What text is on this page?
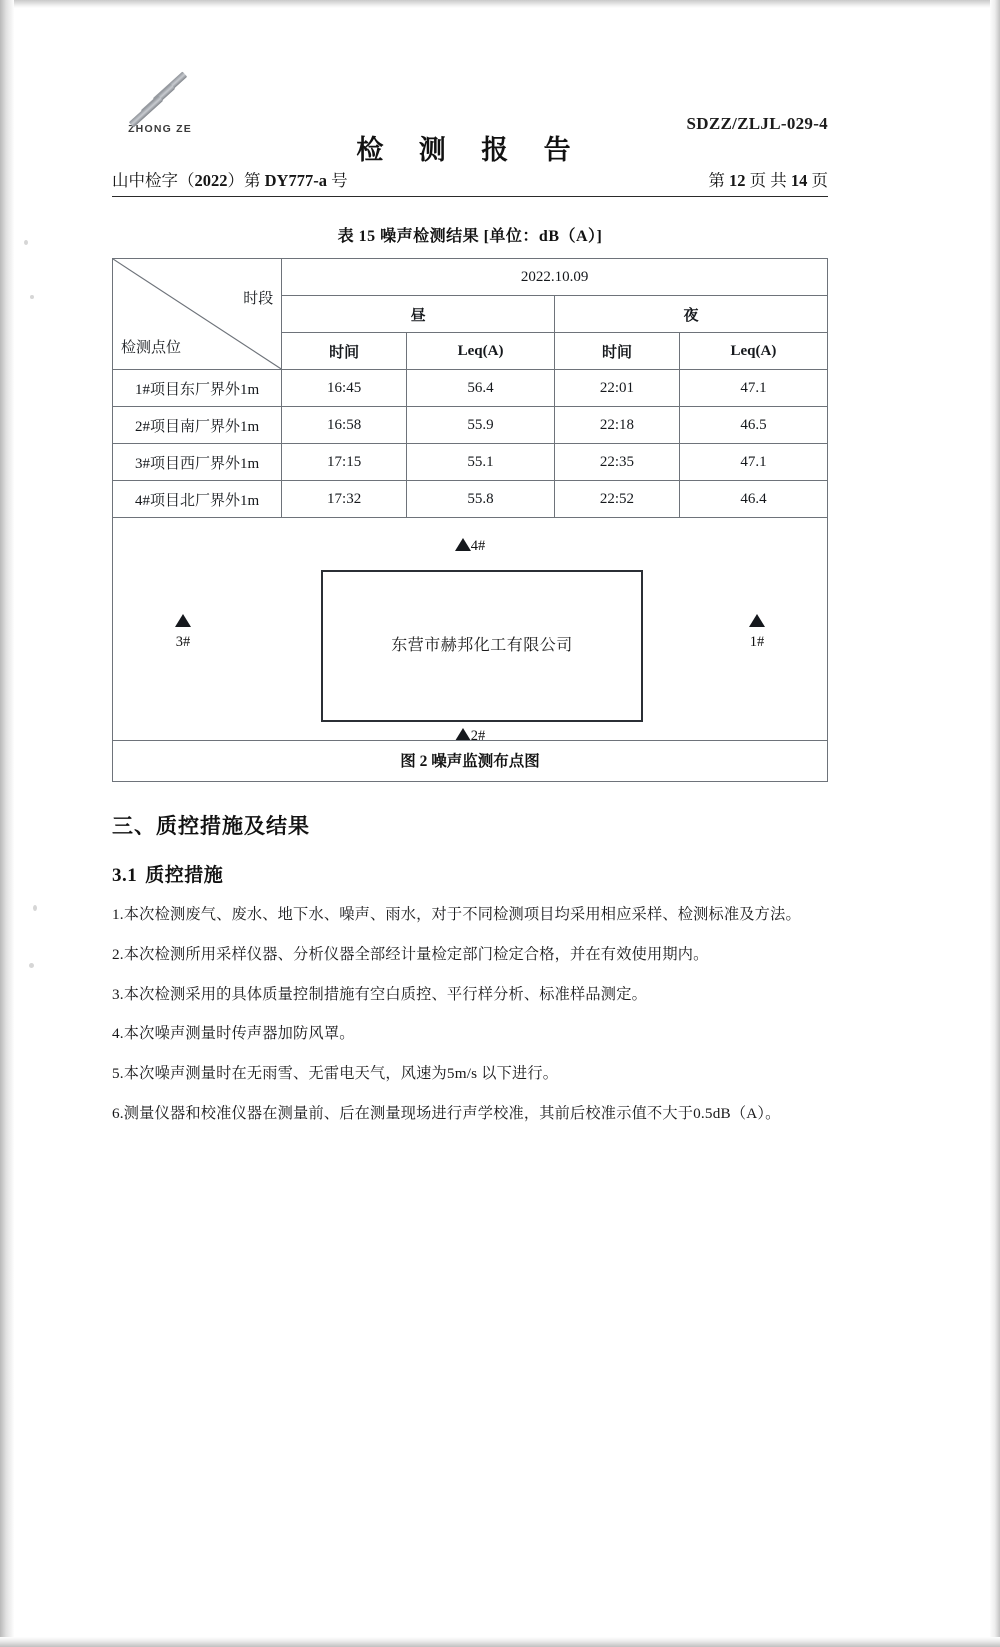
ZHONG ZE	SDZZ/ZLJL-029-4
检 测 报 告
山中检字（2022）第 DY777-a 号	第 12 页 共 14 页
表 15 噪声检测结果 [单位：dB（A）]
时段
检测点位	2022.10.09			
	昼		夜	
	时间	Leq(A)	时间	Leq(A)
1#项目东厂界外1m	16:45	56.4	22:01	47.1
2#项目南厂界外1m	16:58	55.9	22:18	46.5
3#项目西厂界外1m	17:15	55.1	22:35	47.1
4#项目北厂界外1m	17:32	55.8	22:52	46.4
4#
3#	东营市赫邦化工有限公司	1#
2#
图 2 噪声监测布点图
三、质控措施及结果
3.1 质控措施
1.本次检测废气、废水、地下水、噪声、雨水，对于不同检测项目均采用相应采样、检测标准及方法。
2.本次检测所用采样仪器、分析仪器全部经计量检定部门检定合格，并在有效使用期内。
3.本次检测采用的具体质量控制措施有空白质控、平行样分析、标准样品测定。
4.本次噪声测量时传声器加防风罩。
5.本次噪声测量时在无雨雪、无雷电天气，风速为5m/s 以下进行。
6.测量仪器和校准仪器在测量前、后在测量现场进行声学校准，其前后校准示值不大于0.5dB（A）。
